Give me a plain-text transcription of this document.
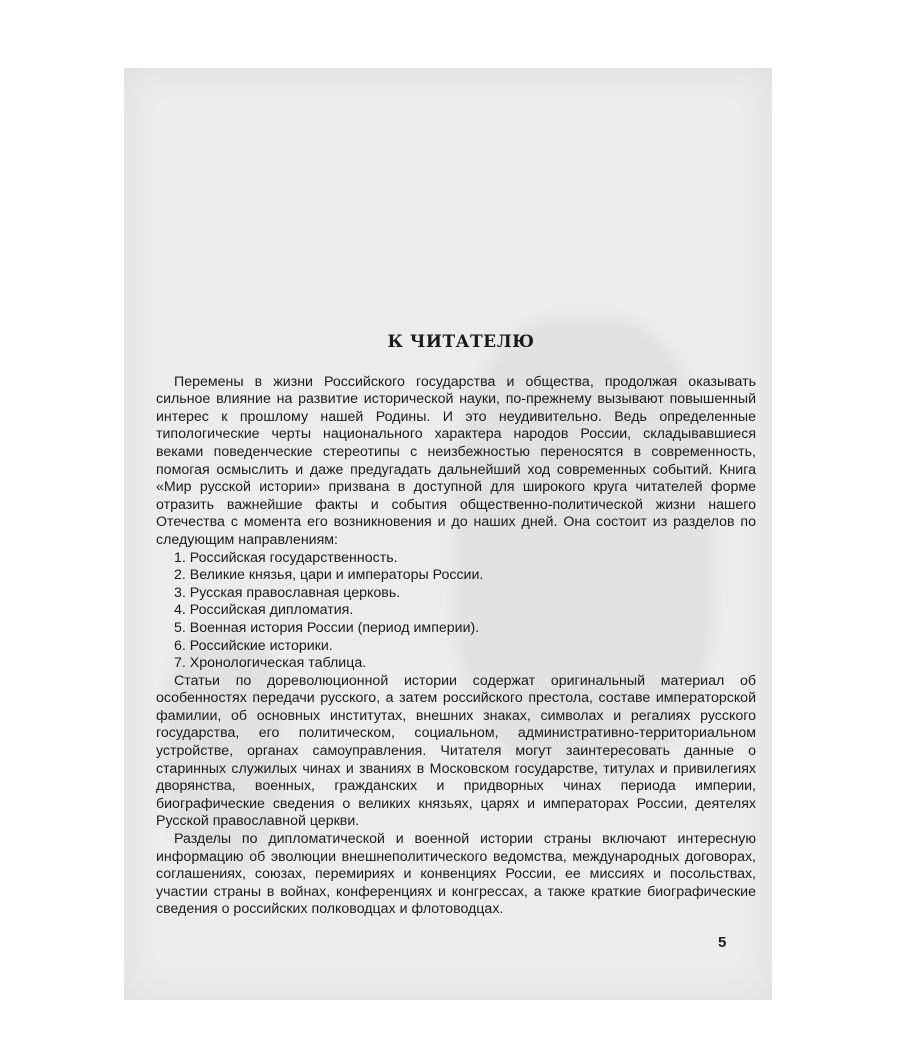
К ЧИТАТЕЛЮ

Перемены в жизни Российского государства и общества, продолжая оказывать сильное влияние на развитие исторической науки, по-прежнему вызывают повышенный интерес к прошлому нашей Родины. И это неудивительно. Ведь определенные типологические черты национального характера народов России, складывавшиеся веками поведенческие стереотипы с неизбежностью переносятся в современность, помогая осмыслить и даже предугадать дальнейший ход современных событий. Книга «Мир русской истории» призвана в доступной для широкого круга читателей форме отразить важнейшие факты и события общественно-политической жизни нашего Отечества с момента его возникновения и до наших дней. Она состоит из разделов по следующим направлениям:

1. Российская государственность.
2. Великие князья, цари и императоры России.
3. Русская православная церковь.
4. Российская дипломатия.
5. Военная история России (период империи).
6. Российские историки.
7. Хронологическая таблица.

Статьи по дореволюционной истории содержат оригинальный материал об особенностях передачи русского, а затем российского престола, составе императорской фамилии, об основных институтах, внешних знаках, символах и регалиях русского государства, его политическом, социальном, административно-территориальном устройстве, органах самоуправления. Читателя могут заинтересовать данные о старинных служилых чинах и званиях в Московском государстве, титулах и привилегиях дворянства, военных, гражданских и придворных чинах периода империи, биографические сведения о великих князьях, царях и императорах России, деятелях Русской православной церкви.

Разделы по дипломатической и военной истории страны включают интересную информацию об эволюции внешнеполитического ведомства, международных договорах, соглашениях, союзах, перемириях и конвенциях России, ее миссиях и посольствах, участии страны в войнах, конференциях и конгрессах, а также краткие биографические сведения о российских полководцах и флотоводцах.

5
